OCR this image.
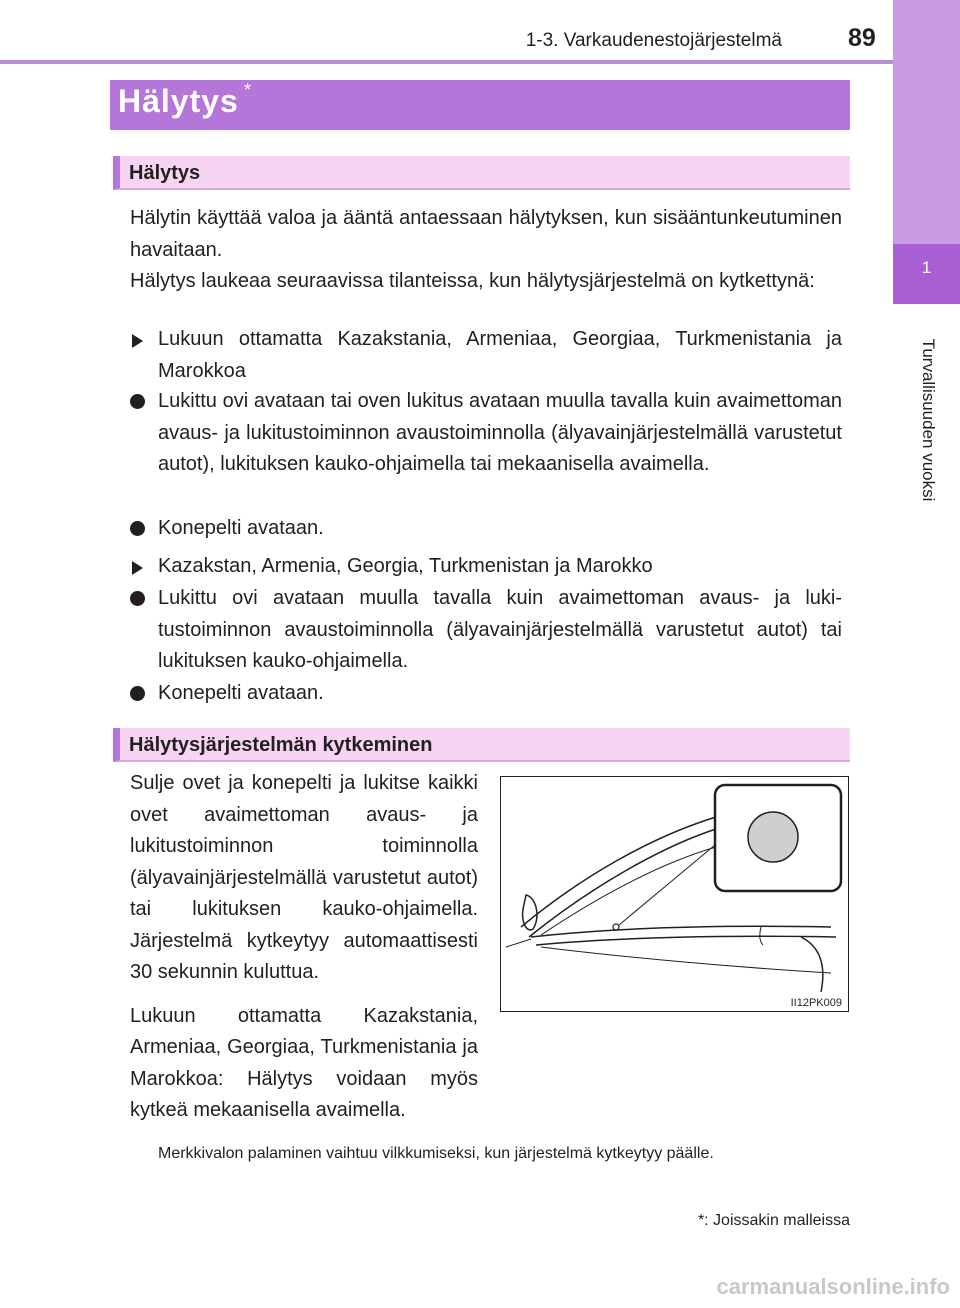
1-3. Varkaudenestojärjestelmä	89
1
Turvallisuuden vuoksi
Hälytys *
Hälytys

Hälytin käyttää valoa ja ääntä antaessaan hälytyksen, kun sisääntunkeutuminen havaitaan.

Hälytys laukeaa seuraavissa tilanteissa, kun hälytysjärjestelmä on kytkettynä:

Lukuun ottamatta Kazakstania, Armeniaa, Georgiaa, Turkmenistania ja Marokkoa
Lukittu ovi avataan tai oven lukitus avataan muulla tavalla kuin avaimettoman avaus- ja lukitustoiminnon avaustoiminnolla (älyavainjärjestelmällä varustetut autot), lukituksen kauko-ohjaimella tai mekaanisella avaimella.
Konepelti avataan.
Kazakstan, Armenia, Georgia, Turkmenistan ja Marokko
Lukittu ovi avataan muulla tavalla kuin avaimettoman avaus- ja lukitustoiminnon avaustoiminnolla (älyavainjärjestelmällä varustetut autot) tai lukituksen kauko-ohjaimella.
Konepelti avataan.
Hälytysjärjestelmän kytkeminen

Sulje ovet ja konepelti ja lukitse kaikki ovet avaimettoman avaus- ja lukitustoiminnon toiminnolla (älyavainjärjestelmällä varustetut autot) tai lukituksen kauko-ohjaimella. Järjestelmä kytkeytyy automaattisesti 30 sekunnin kuluttua.

Lukuun ottamatta Kazakstania, Armeniaa, Georgiaa, Turkmenistania ja Marokkoa: Hälytys voidaan myös kytkeä mekaanisella avaimella.

II12PK009
Merkkivalon palaminen vaihtuu vilkkumiseksi, kun järjestelmä kytkeytyy päälle.
*: Joissakin malleissa
carmanualsonline.info
